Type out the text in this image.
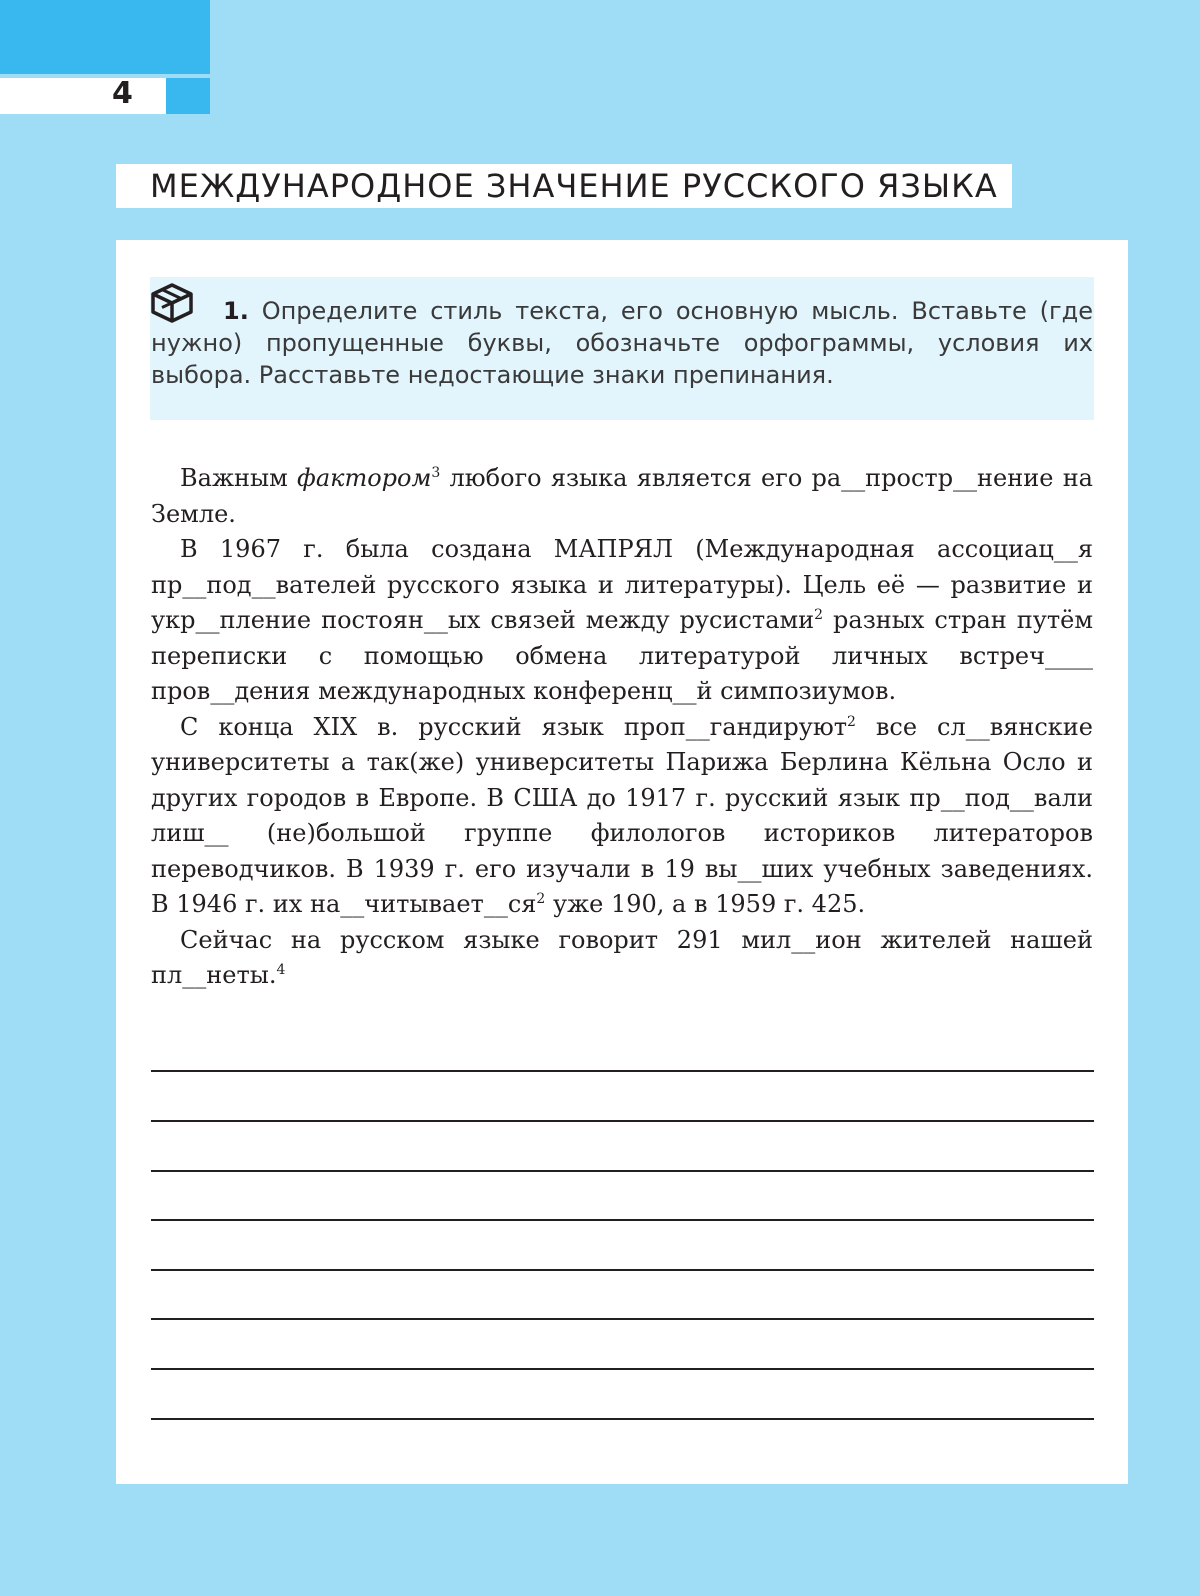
4
МЕЖДУНАРОДНОЕ ЗНАЧЕНИЕ РУССКОГО ЯЗЫКА

1. Определите стиль текста, его основную мысль. Вставьте (где нужно) пропущенные буквы, обозначьте орфограммы, условия их выбора. Расставьте недостающие знаки препинания.

Важным фактором$^3$ любого языка является его ра__простр__нение на Земле.

В 1967 г. была создана МАПРЯЛ (Международная ассоциац__я пр__под__вателей русского языка и литературы). Цель её — развитие и укр__пление постоян__ых связей между русистами$^2$ разных стран путём переписки с помощью обмена литературой личных встреч____ пров__дения международных конференц__й симпозиумов.

С конца XIX в. русский язык проп__гандируют$^2$ все сл__вянские университеты а так(же) университеты Парижа Берлина Кёльна Осло и других городов в Европе. В США до 1917 г. русский язык пр__под__вали лиш__ (не)большой группе филологов историков литераторов переводчиков. В 1939 г. его изучали в 19 вы__ших учебных заведениях. В 1946 г. их $на\_\_читывает\_\_ся^2$ уже 190, а в 1959 г. 425.

Сейчас на русском языке говорит 291 мил__ион жителей нашей пл__неты.$^4$
